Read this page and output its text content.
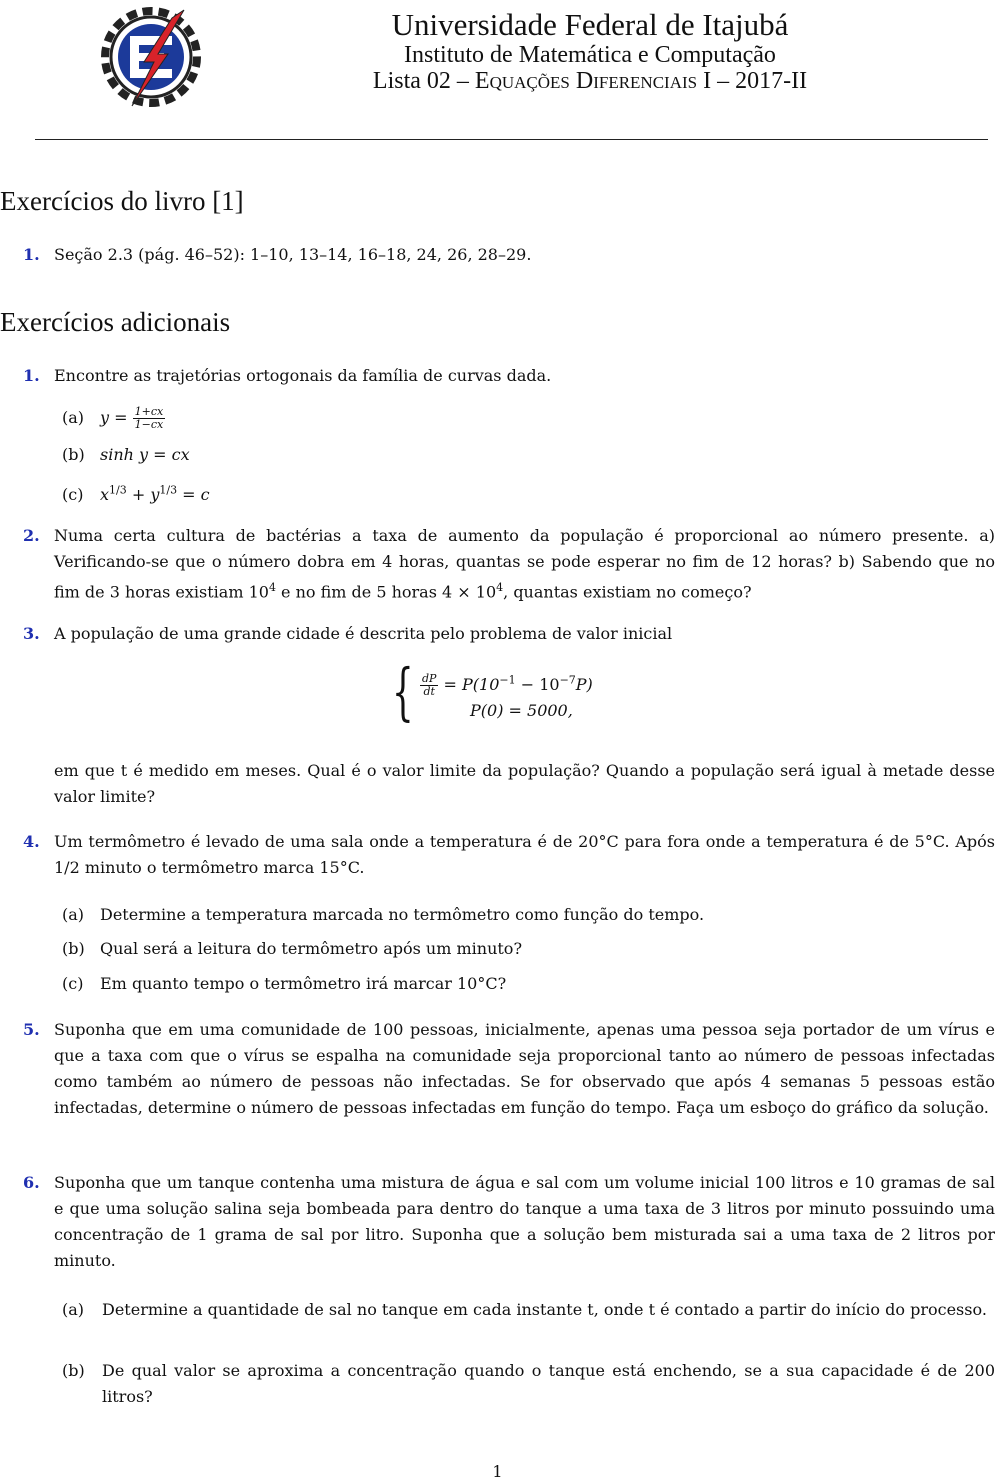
Universidade Federal de Itajubá
Instituto de Matemática e Computação
Lista 02 – Equações Diferenciais I – 2017-II
Exercícios do livro [1]
1. Seção 2.3 (pág. 46–52): 1–10, 13–14, 16–18, 24, 26, 28–29.
Exercícios adicionais
1. Encontre as trajetórias ortogonais da família de curvas dada.
(a) $y = \frac{1+cx}{1-cx}$
(b) sinh y = cx
(c) $x^{1/3} + y^{1/3} = c$
2. Numa certa cultura de bactérias a taxa de aumento da população é proporcional ao número presente. a) Verificando-se que o número dobra em 4 horas, quantas se pode esperar no fim de 12 horas? b) Sabendo que no fim de 3 horas existiam $10^4$ e no fim de 5 horas $4 \times 10^4$, quantas existiam no começo?
3. A população de uma grande cidade é descrita pelo problema de valor inicial
{ $\frac{dP}{dt} = P(10^{-1} - 10^{-7}P)$
P(0) = 5000,
em que t é medido em meses. Qual é o valor limite da população? Quando a população será igual à metade desse valor limite?
4. Um termômetro é levado de uma sala onde a temperatura é de 20°C para fora onde a temperatura é de 5°C. Após 1/2 minuto o termômetro marca 15°C.
(a) Determine a temperatura marcada no termômetro como função do tempo.
(b) Qual será a leitura do termômetro após um minuto?
(c) Em quanto tempo o termômetro irá marcar 10°C?
5. Suponha que em uma comunidade de 100 pessoas, inicialmente, apenas uma pessoa seja portador de um vírus e que a taxa com que o vírus se espalha na comunidade seja proporcional tanto ao número de pessoas infectadas como também ao número de pessoas não infectadas. Se for observado que após 4 semanas 5 pessoas estão infectadas, determine o número de pessoas infectadas em função do tempo. Faça um esboço do gráfico da solução.
6. Suponha que um tanque contenha uma mistura de água e sal com um volume inicial 100 litros e 10 gramas de sal e que uma solução salina seja bombeada para dentro do tanque a uma taxa de 3 litros por minuto possuindo uma concentração de 1 grama de sal por litro. Suponha que a solução bem misturada sai a uma taxa de 2 litros por minuto.
(a) Determine a quantidade de sal no tanque em cada instante t, onde t é contado a partir do início do processo.
(b) De qual valor se aproxima a concentração quando o tanque está enchendo, se a sua capacidade é de 200 litros?
1
